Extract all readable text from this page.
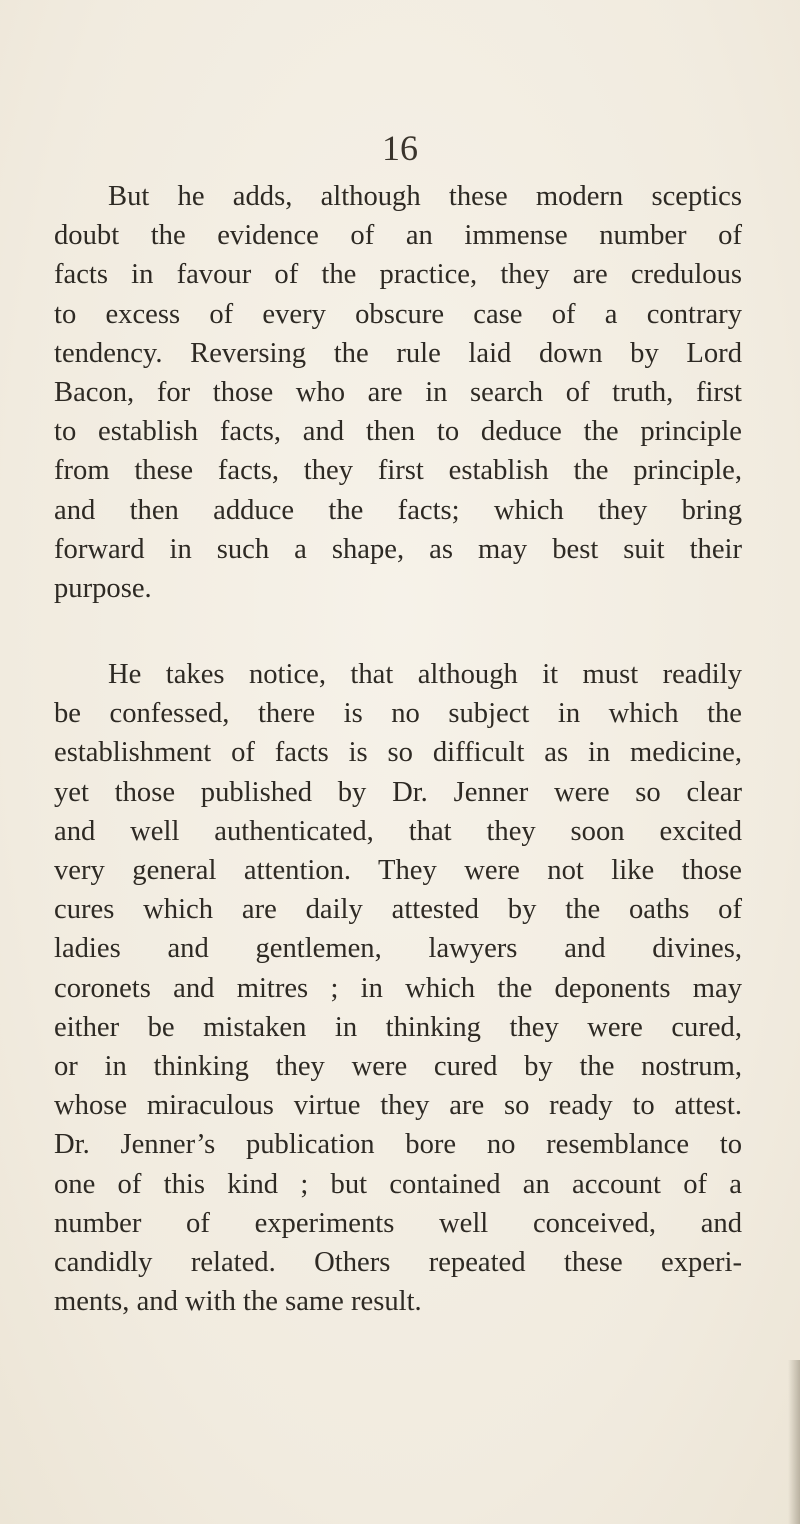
16
But he adds, although these modern sceptics
doubt the evidence of an immense number of
facts in favour of the practice, they are credulous
to excess of every obscure case of a contrary
tendency. Reversing the rule laid down by Lord
Bacon, for those who are in search of truth, first
to establish facts, and then to deduce the principle
from these facts, they first establish the principle,
and then adduce the facts; which they bring
forward in such a shape, as may best suit their
purpose.
He takes notice, that although it must readily
be confessed, there is no subject in which the
establishment of facts is so difficult as in medicine,
yet those published by Dr. Jenner were so clear
and well authenticated, that they soon excited
very general attention. They were not like those
cures which are daily attested by the oaths of
ladies and gentlemen, lawyers and divines,
coronets and mitres ; in which the deponents may
either be mistaken in thinking they were cured,
or in thinking they were cured by the nostrum,
whose miraculous virtue they are so ready to attest.
Dr. Jenner’s publication bore no resemblance to
one of this kind ; but contained an account of a
number of experiments well conceived, and
candidly related. Others repeated these experi-
ments, and with the same result.
